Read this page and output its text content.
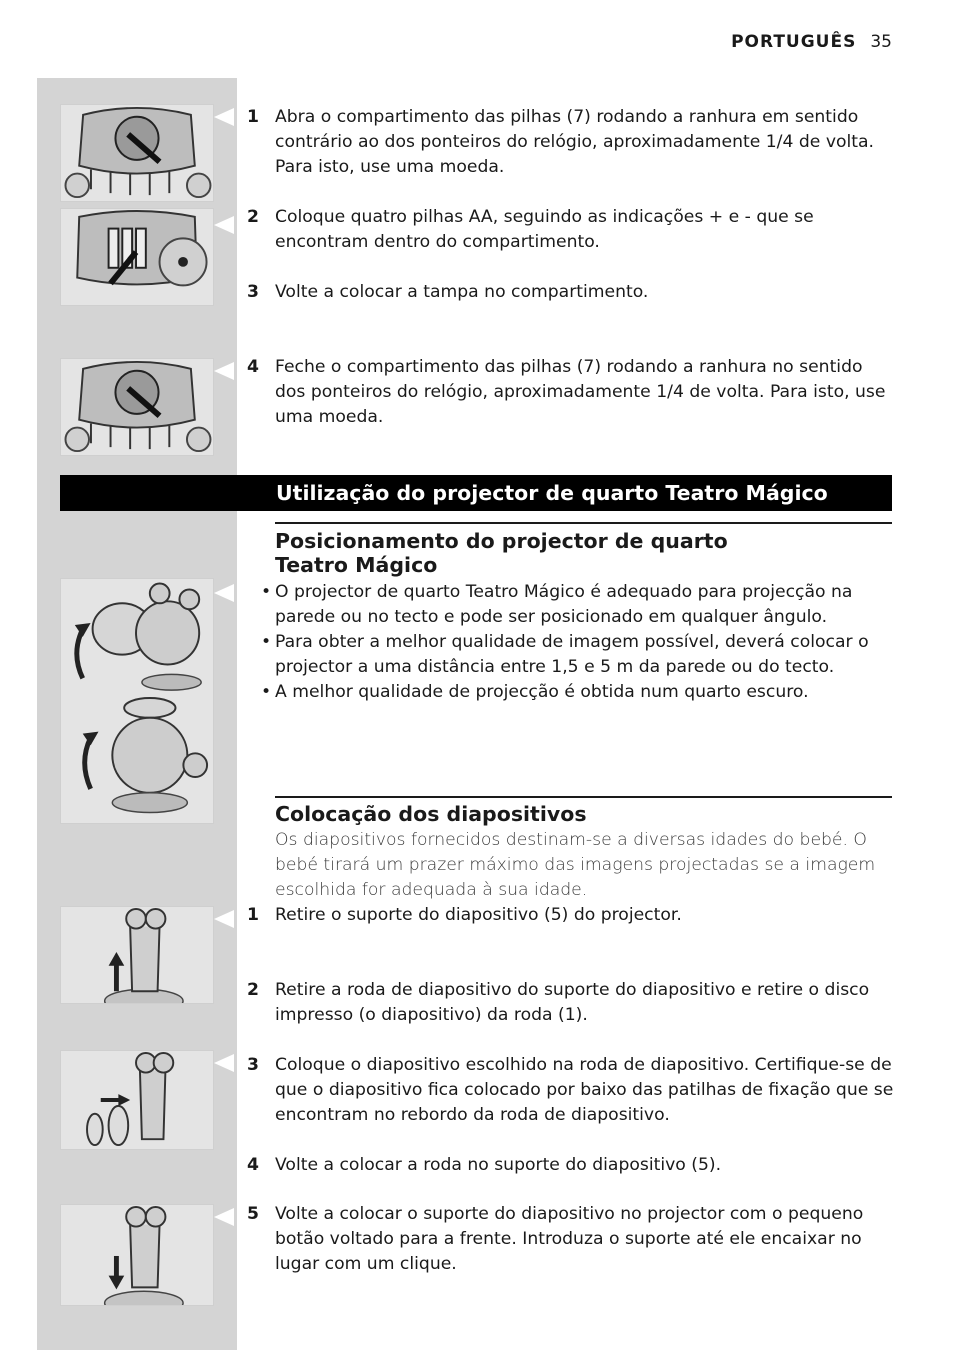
PORTUGUÊS 35
1 Abra o compartimento das pilhas (7) rodando a ranhura em sentido contrário ao dos ponteiros do relógio, aproximadamente 1/4 de volta. Para isto, use uma moeda.
2 Coloque quatro pilhas AA, seguindo as indicações + e - que se encontram dentro do compartimento.
3 Volte a colocar a tampa no compartimento.
4 Feche o compartimento das pilhas (7) rodando a ranhura no sentido dos ponteiros do relógio, aproximadamente 1/4 de volta. Para isto, use uma moeda.
Utilização do projector de quarto Teatro Mágico
Posicionamento do projector de quarto Teatro Mágico
• O projector de quarto Teatro Mágico é adequado para projecção na parede ou no tecto e pode ser posicionado em qualquer ângulo.
• Para obter a melhor qualidade de imagem possível, deverá colocar o projector a uma distância entre 1,5 e 5 m da parede ou do tecto.
• A melhor qualidade de projecção é obtida num quarto escuro.
Colocação dos diapositivos
Os diapositivos fornecidos destinam-se a diversas idades do bebé. O bebé tirará um prazer máximo das imagens projectadas se a imagem escolhida for adequada à sua idade.
1 Retire o suporte do diapositivo (5) do projector.
2 Retire a roda de diapositivo do suporte do diapositivo e retire o disco impresso (o diapositivo) da roda (1).
3 Coloque o diapositivo escolhido na roda de diapositivo. Certifique-se de que o diapositivo fica colocado por baixo das patilhas de fixação que se encontram no rebordo da roda de diapositivo.
4 Volte a colocar a roda no suporte do diapositivo (5).
5 Volte a colocar o suporte do diapositivo no projector com o pequeno botão voltado para a frente. Introduza o suporte até ele encaixar no lugar com um clique.
